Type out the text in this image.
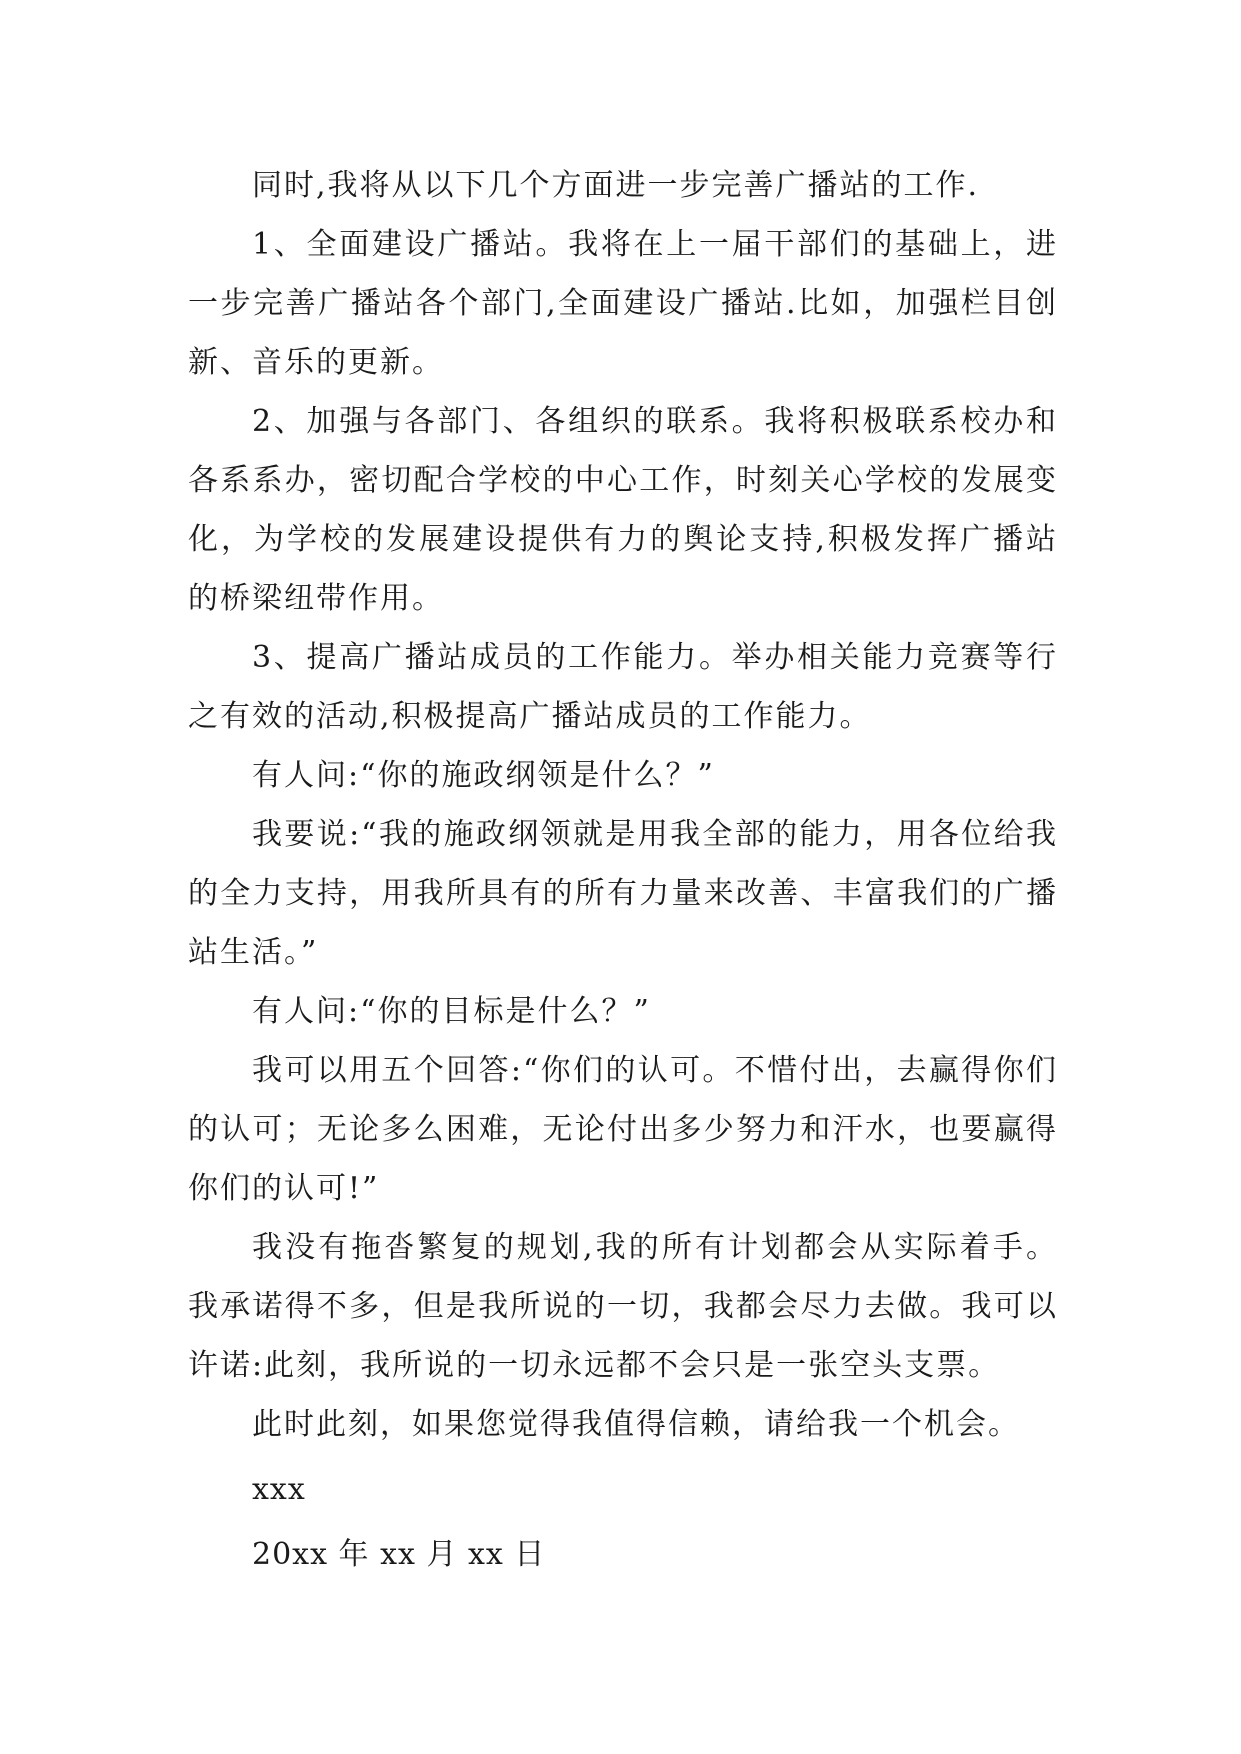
同时,我将从以下几个方面进一步完善广播站的工作.

1、全面建设广播站。我将在上一届干部们的基础上，进一步完善广播站各个部门,全面建设广播站.比如，加强栏目创新、音乐的更新。

2、加强与各部门、各组织的联系。我将积极联系校办和各系系办，密切配合学校的中心工作，时刻关心学校的发展变化，为学校的发展建设提供有力的舆论支持,积极发挥广播站的桥梁纽带作用。

3、提高广播站成员的工作能力。举办相关能力竞赛等行之有效的活动,积极提高广播站成员的工作能力。

有人问:“你的施政纲领是什么？”

我要说:“我的施政纲领就是用我全部的能力，用各位给我的全力支持，用我所具有的所有力量来改善、丰富我们的广播站生活。”

有人问:“你的目标是什么？”

我可以用五个回答:“你们的认可。不惜付出，去赢得你们的认可；无论多么困难，无论付出多少努力和汗水，也要赢得你们的认可!”

我没有拖沓繁复的规划,我的所有计划都会从实际着手。我承诺得不多，但是我所说的一切，我都会尽力去做。我可以许诺:此刻，我所说的一切永远都不会只是一张空头支票。

此时此刻，如果您觉得我值得信赖，请给我一个机会。

xxx

20xx 年 xx 月 xx 日
